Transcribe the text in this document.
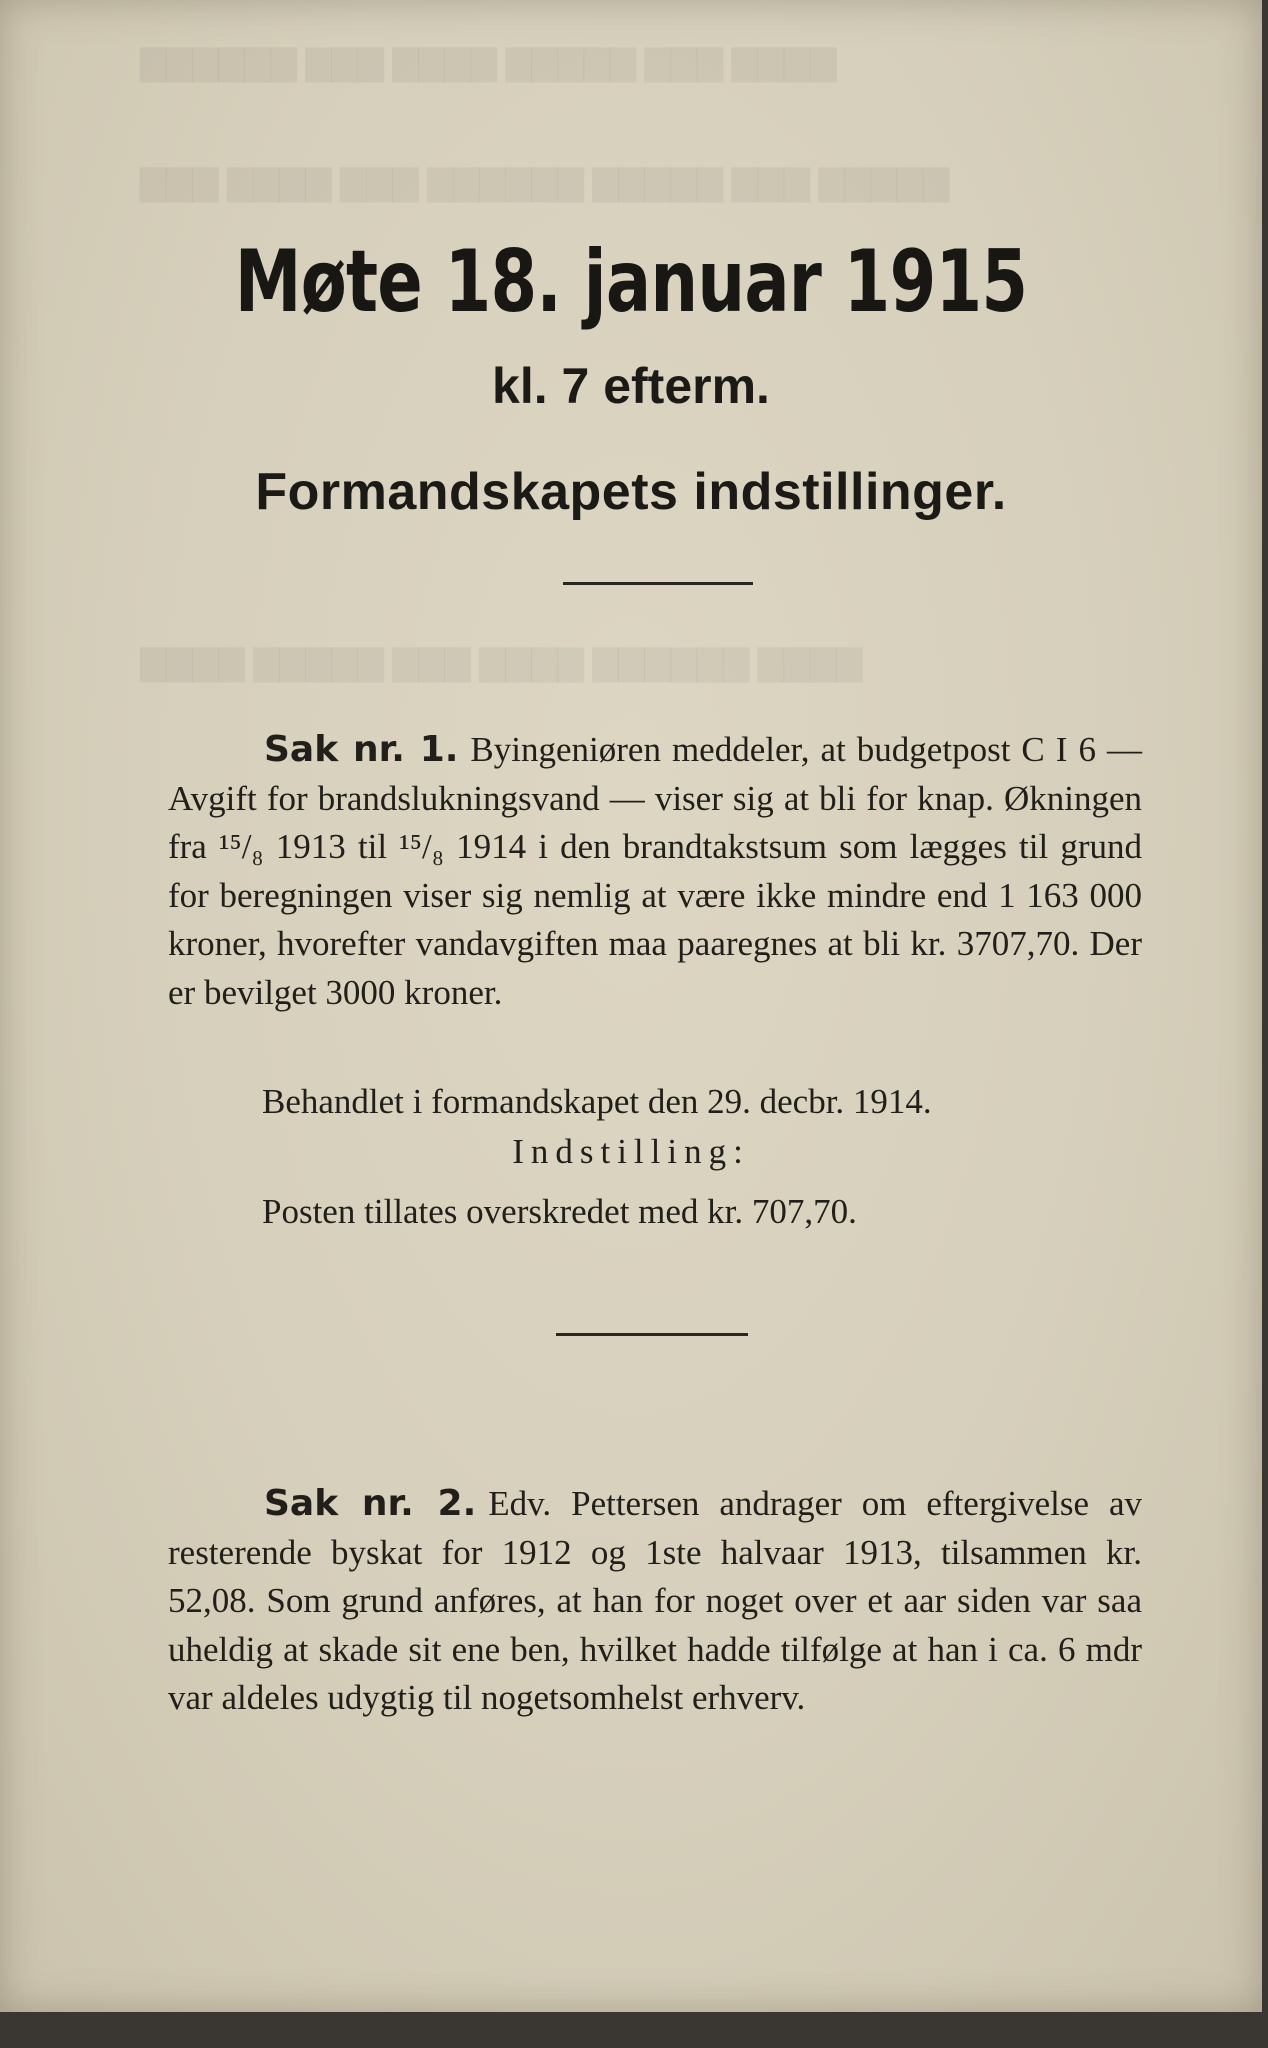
▇▇▇▇ ▇▇▇ ▇▇▇▇▇ ▇▇▇▇ ▇▇▇ ▇▇▇▇▇▇
▇▇▇▇▇ ▇▇▇ ▇▇▇▇▇ ▇▇▇▇▇▇ ▇▇▇ ▇▇▇▇ ▇▇▇
▇▇▇▇ ▇▇▇▇▇▇ ▇▇▇▇ ▇▇▇ ▇▇▇▇▇ ▇▇▇▇
Møte 18. januar 1915
kl. 7 efterm.
Formandskapets indstillinger.
Sak nr. 1. Byingeniøren meddeler, at budgetpost C I 6 — Avgift for brandslukningsvand — viser sig at bli for knap. Økningen fra ¹⁵/₈ 1913 til ¹⁵/₈ 1914 i den brandtakstsum som lægges til grund for beregningen viser sig nemlig at være ikke mindre end 1 163 000 kroner, hvorefter vandavgiften maa paaregnes at bli kr. 3707,70. Der er bevilget 3000 kroner.
Behandlet i formandskapet den 29. decbr. 1914.
Indstilling:
Posten tillates overskredet med kr. 707,70.
Sak nr. 2. Edv. Pettersen andrager om eftergivelse av resterende byskat for 1912 og 1ste halvaar 1913, tilsammen kr. 52,08. Som grund anføres, at han for noget over et aar siden var saa uheldig at skade sit ene ben, hvilket hadde tilfølge at han i ca. 6 mdr var aldeles udygtig til nogetsomhelst erhverv.
